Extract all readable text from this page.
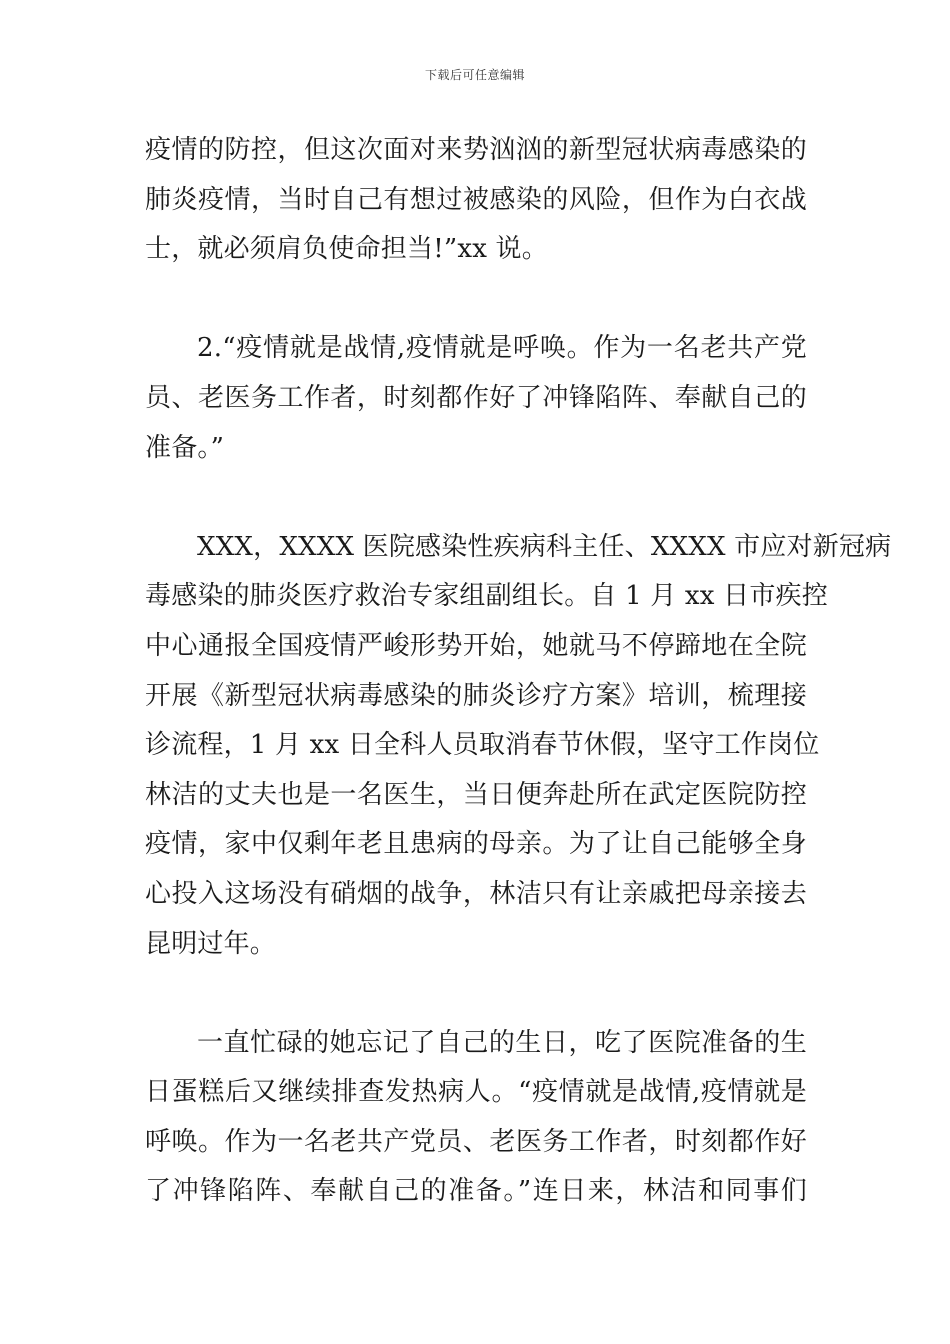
下载后可任意编辑
疫情的防控，但这次面对来势汹汹的新型冠状病毒感染的
肺炎疫情，当时自己有想过被感染的风险，但作为白衣战
士，就必须肩负使命担当!”xx 说。
2.“疫情就是战情,疫情就是呼唤。作为一名老共产党
员、老医务工作者，时刻都作好了冲锋陷阵、奉献自己的
准备。”
XXX，XXXX 医院感染性疾病科主任、XXXX 市应对新冠病
毒感染的肺炎医疗救治专家组副组长。自 1 月 xx 日市疾控
中心通报全国疫情严峻形势开始，她就马不停蹄地在全院
开展《新型冠状病毒感染的肺炎诊疗方案》培训，梳理接
诊流程，1 月 xx 日全科人员取消春节休假，坚守工作岗位
林洁的丈夫也是一名医生，当日便奔赴所在武定医院防控
疫情，家中仅剩年老且患病的母亲。为了让自己能够全身
心投入这场没有硝烟的战争，林洁只有让亲戚把母亲接去
昆明过年。
一直忙碌的她忘记了自己的生日，吃了医院准备的生
日蛋糕后又继续排查发热病人。“疫情就是战情,疫情就是
呼唤。作为一名老共产党员、老医务工作者，时刻都作好
了冲锋陷阵、奉献自己的准备。”连日来，林洁和同事们
